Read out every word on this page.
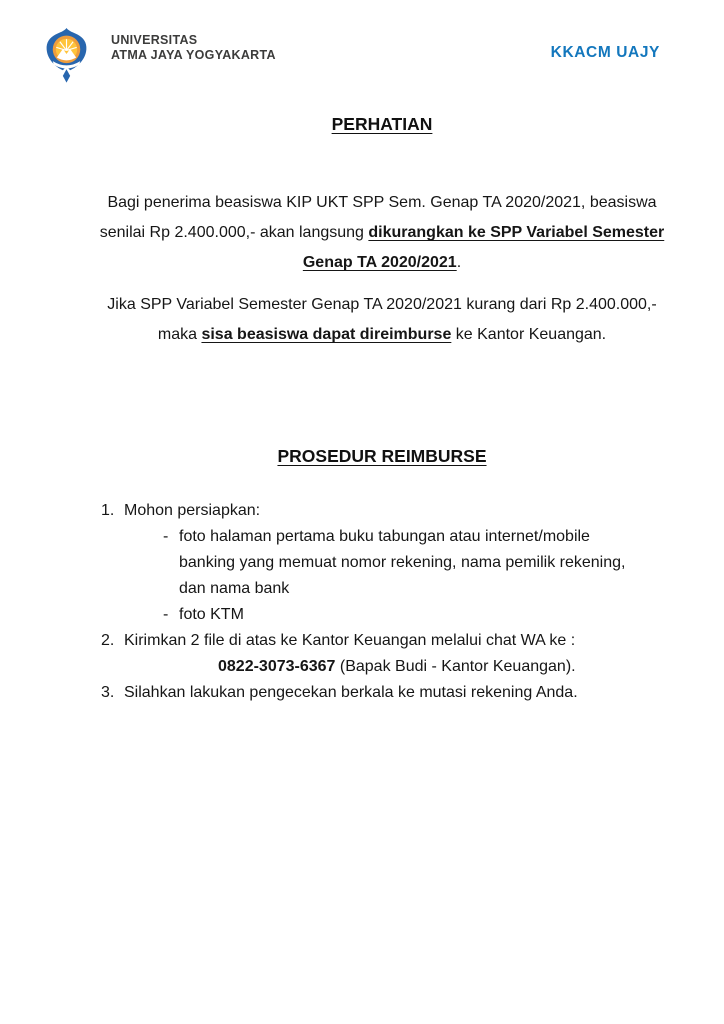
UNIVERSITAS
ATMA JAYA YOGYAKARTA	KKACM UAJY
PERHATIAN

Bagi penerima beasiswa KIP UKT SPP Sem. Genap TA 2020/2021, beasiswa senilai Rp 2.400.000,- akan langsung dikurangkan ke SPP Variabel Semester Genap TA 2020/2021.

Jika SPP Variabel Semester Genap TA 2020/2021 kurang dari Rp 2.400.000,- maka sisa beasiswa dapat direimburse ke Kantor Keuangan.

PROSEDUR REIMBURSE
1. Mohon persiapkan:
- foto halaman pertama buku tabungan atau internet/mobile banking yang memuat nomor rekening, nama pemilik rekening, dan nama bank
- foto KTM
2. Kirimkan 2 file di atas ke Kantor Keuangan melalui chat WA ke :
0822-3073-6367 (Bapak Budi - Kantor Keuangan).
3. Silahkan lakukan pengecekan berkala ke mutasi rekening Anda.
